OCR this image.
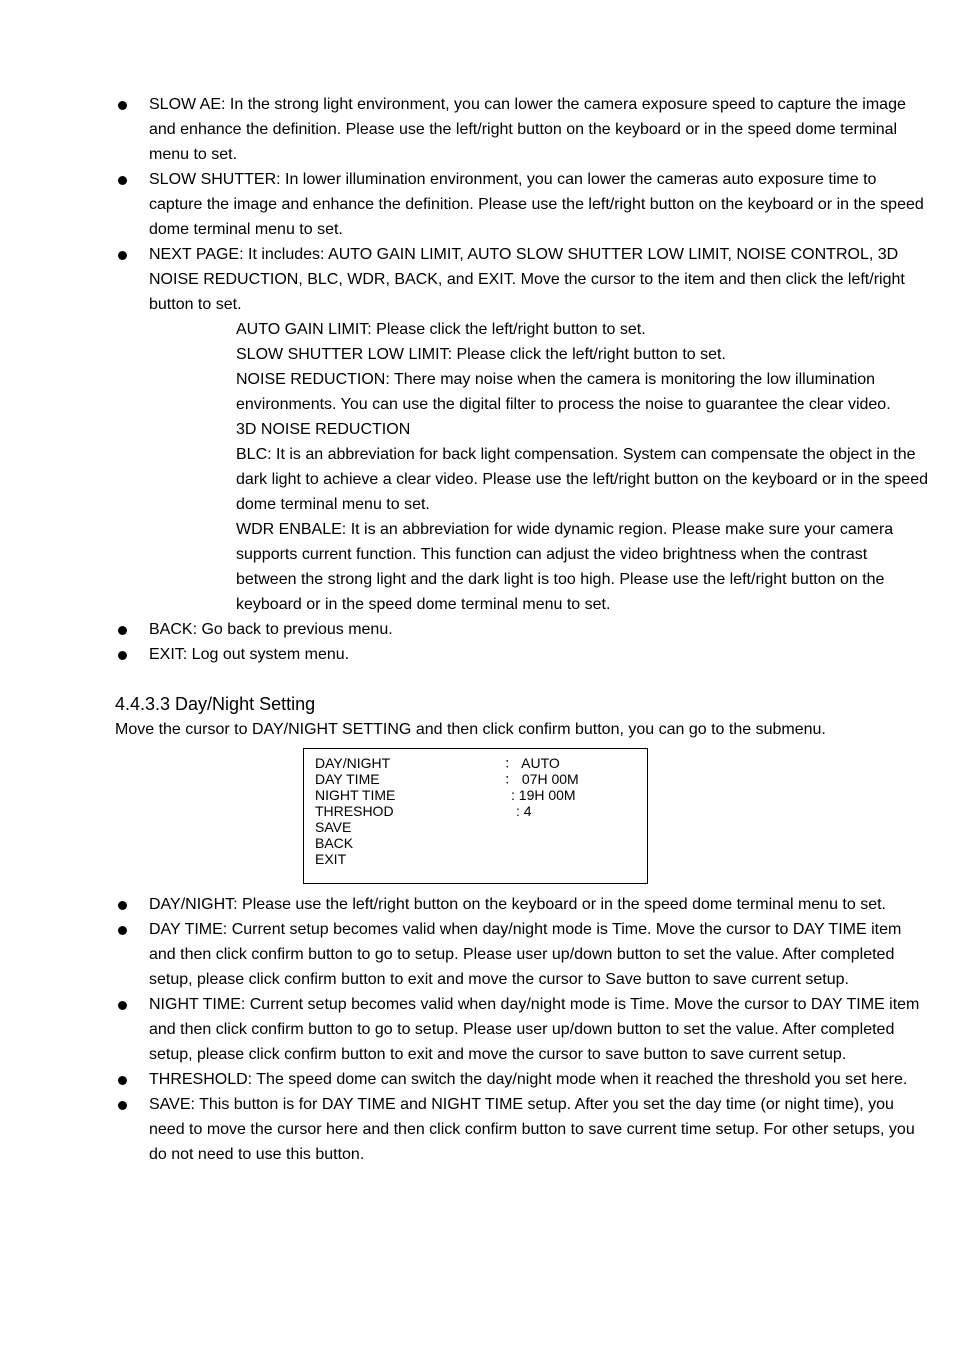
SLOW AE: In the strong light environment, you can lower the camera exposure speed to capture the image and enhance the definition. Please use the left/right button on the keyboard or in the speed dome terminal menu to set.
SLOW SHUTTER: In lower illumination environment, you can lower the cameras auto exposure time to capture the image and enhance the definition. Please use the left/right button on the keyboard or in the speed dome terminal menu to set.
NEXT PAGE: It includes: AUTO GAIN LIMIT, AUTO SLOW SHUTTER LOW LIMIT, NOISE CONTROL, 3D NOISE REDUCTION, BLC, WDR, BACK, and EXIT. Move the cursor to the item and then click the left/right button to set.
AUTO GAIN LIMIT: Please click the left/right button to set.
SLOW SHUTTER LOW LIMIT: Please click the left/right button to set.
NOISE REDUCTION: There may noise when the camera is monitoring the low illumination environments. You can use the digital filter to process the noise to guarantee the clear video.
3D NOISE REDUCTION
BLC: It is an abbreviation for back light compensation. System can compensate the object in the dark light to achieve a clear video. Please use the left/right button on the keyboard or in the speed dome terminal menu to set.
WDR ENBALE: It is an abbreviation for wide dynamic region. Please make sure your camera supports current function. This function can adjust the video brightness when the contrast between the strong light and the dark light is too high. Please use the left/right button on the keyboard or in the speed dome terminal menu to set.
BACK: Go back to previous menu.
EXIT: Log out system menu.
4.4.3.3 Day/Night Setting
Move the cursor to DAY/NIGHT SETTING and then click confirm button, you can go to the submenu.
DAY/NIGHT	： AUTO
DAY TIME	： 07H 00M
NIGHT TIME	: 19H 00M
THRESHOD	: 4
SAVE
BACK
EXIT
DAY/NIGHT: Please use the left/right button on the keyboard or in the speed dome terminal menu to set.
DAY TIME: Current setup becomes valid when day/night mode is Time. Move the cursor to DAY TIME item and then click confirm button to go to setup. Please user up/down button to set the value. After completed setup, please click confirm button to exit and move the cursor to Save button to save current setup.
NIGHT TIME: Current setup becomes valid when day/night mode is Time. Move the cursor to DAY TIME item and then click confirm button to go to setup. Please user up/down button to set the value. After completed setup, please click confirm button to exit and move the cursor to save button to save current setup.
THRESHOLD: The speed dome can switch the day/night mode when it reached the threshold you set here.
SAVE: This button is for DAY TIME and NIGHT TIME setup. After you set the day time (or night time), you need to move the cursor here and then click confirm button to save current time setup. For other setups, you do not need to use this button.
